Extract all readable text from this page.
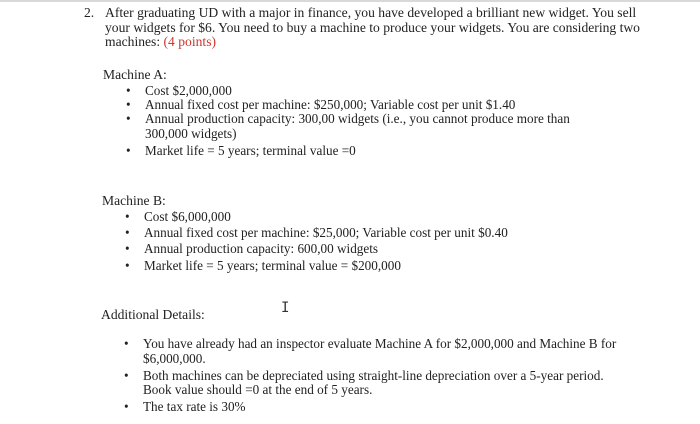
2. After graduating UD with a major in finance, you have developed a brilliant new widget. You sell your widgets for $6. You need to buy a machine to produce your widgets. You are considering two machines: (4 points)
Machine A:
• Cost $2,000,000
• Annual fixed cost per machine: $250,000; Variable cost per unit $1.40
• Annual production capacity: 300,00 widgets (i.e., you cannot produce more than 300,000 widgets)
• Market life = 5 years; terminal value =0
Machine B:
• Cost $6,000,000
• Annual fixed cost per machine: $25,000; Variable cost per unit $0.40
• Annual production capacity: 600,00 widgets
• Market life = 5 years; terminal value = $200,000
I
Additional Details:
• You have already had an inspector evaluate Machine A for $2,000,000 and Machine B for $6,000,000.
• Both machines can be depreciated using straight-line depreciation over a 5-year period. Book value should =0 at the end of 5 years.
• The tax rate is 30%
